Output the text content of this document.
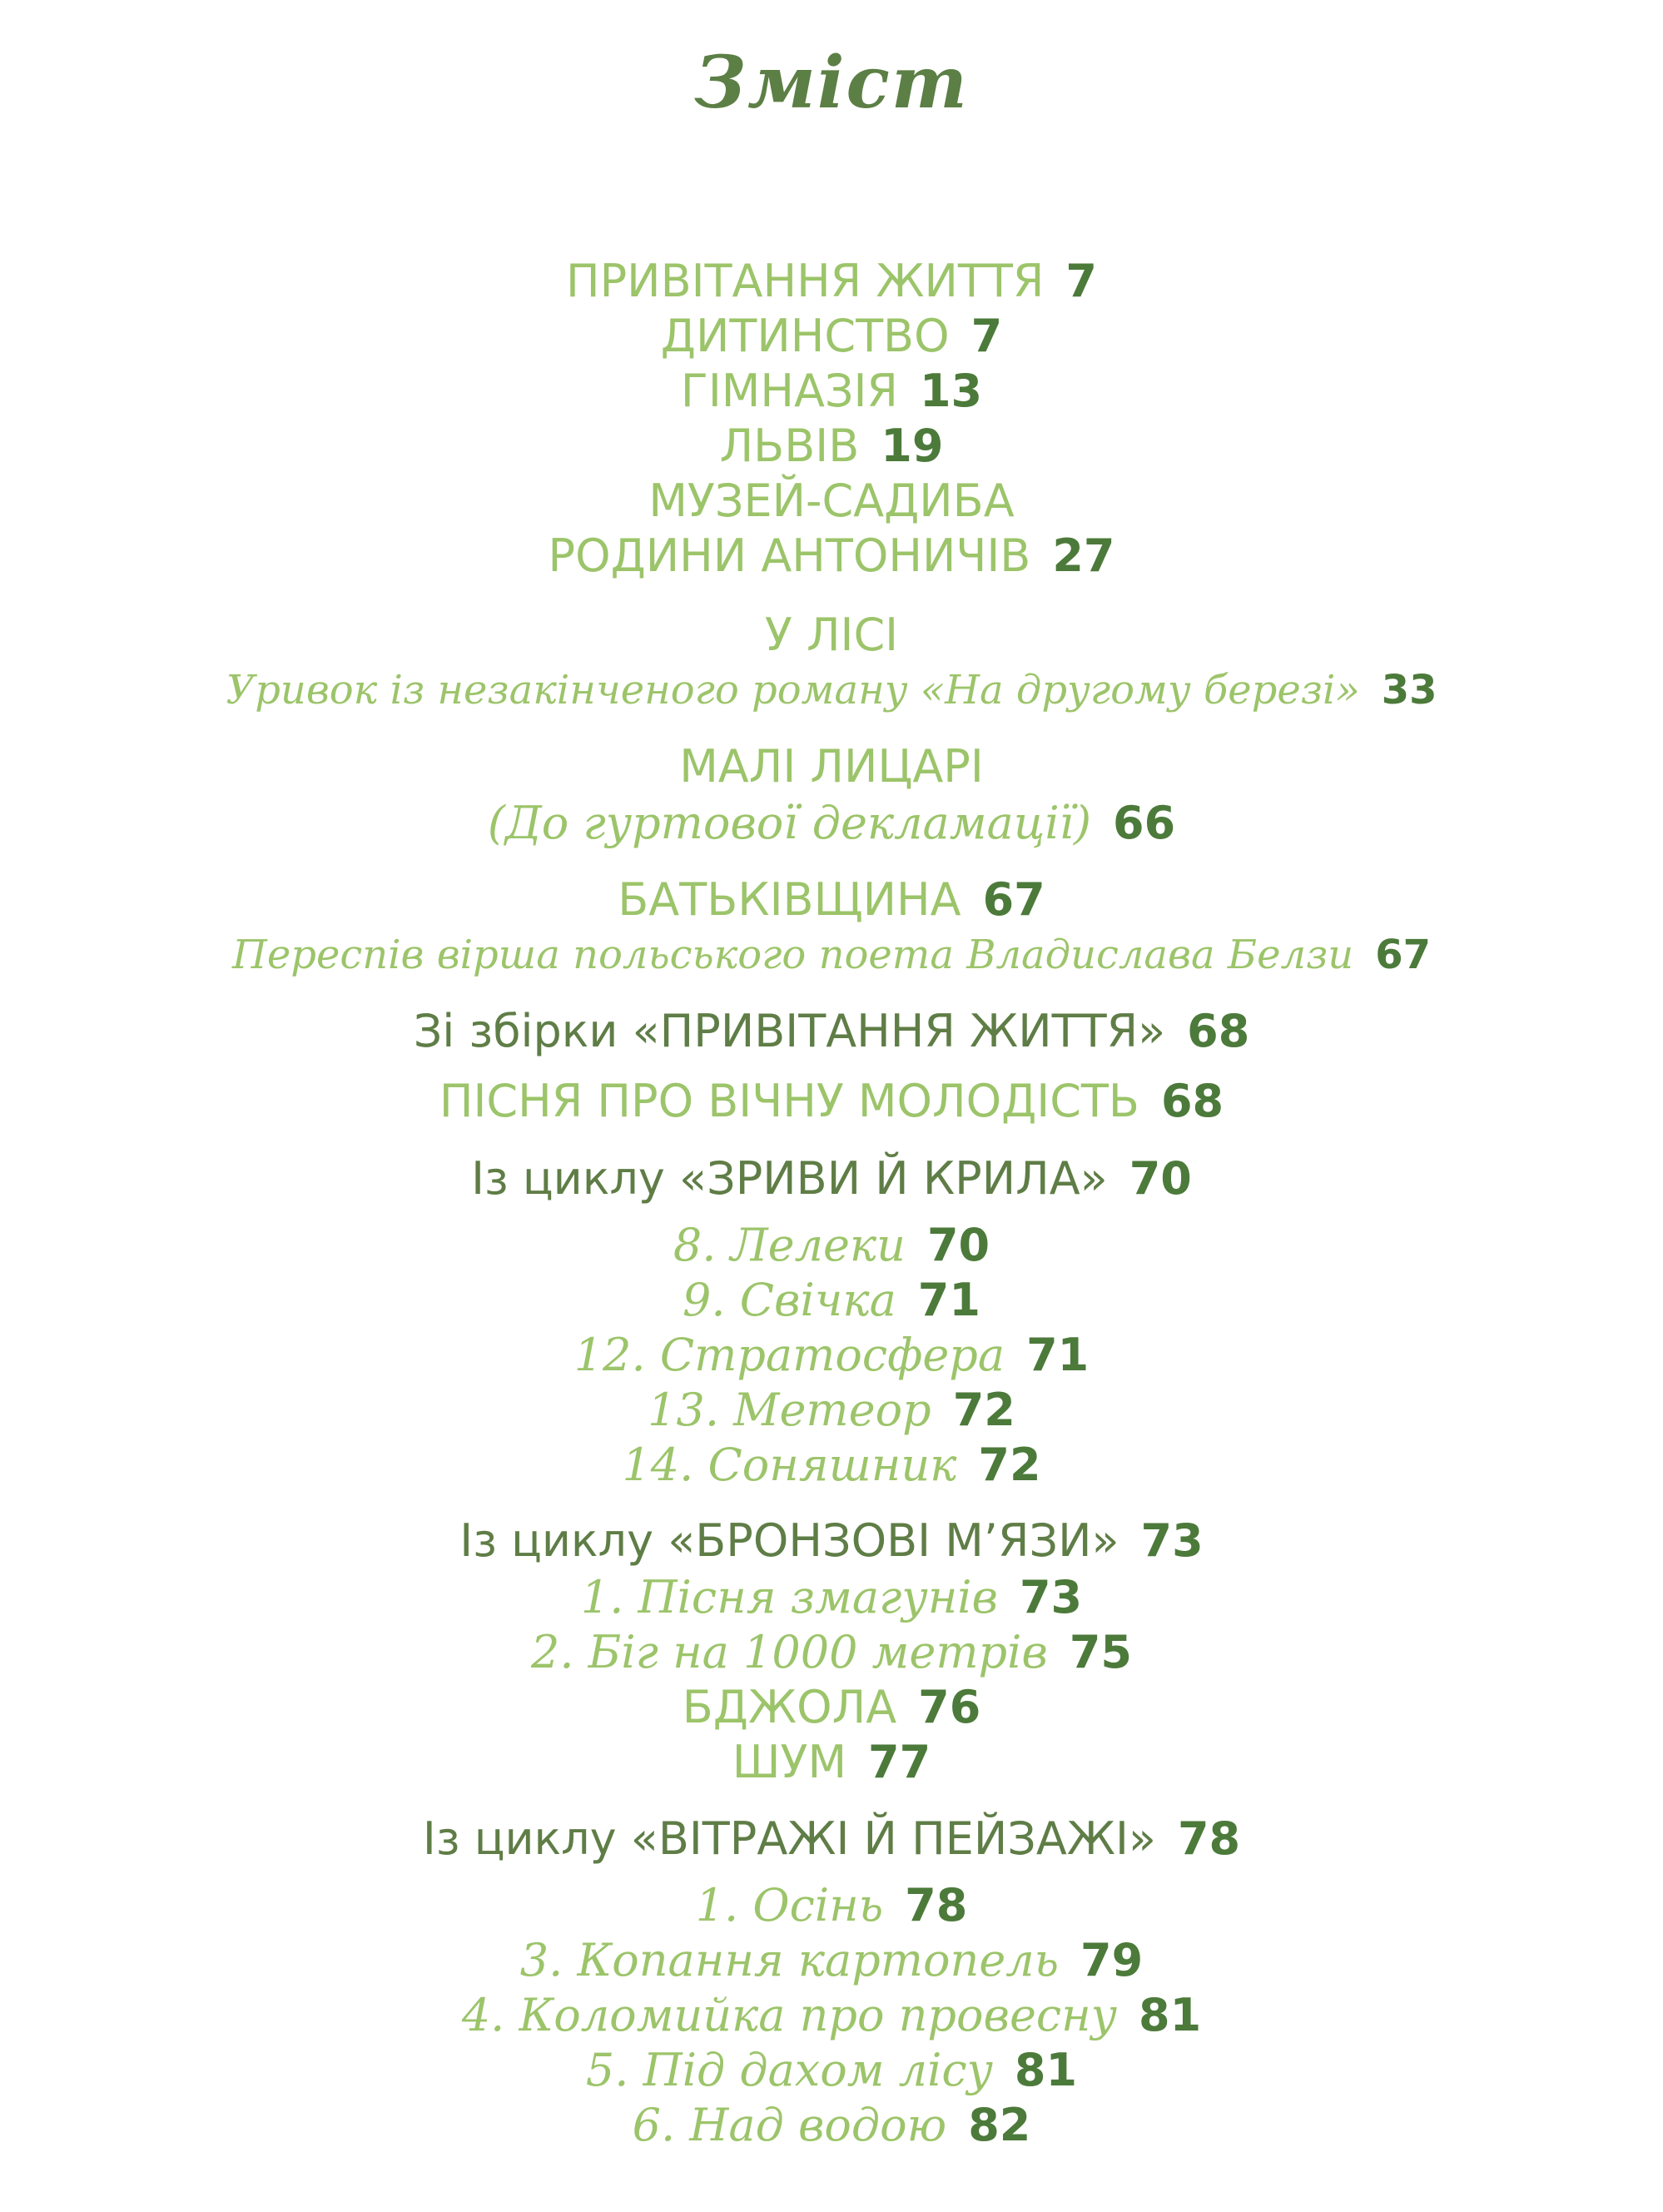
Зміст
ПРИВІТАННЯ ЖИТТЯ 7
ДИТИНСТВО 7
ГІМНАЗІЯ 13
ЛЬВІВ 19
МУЗЕЙ-САДИБА
РОДИНИ АНТОНИЧІВ 27
У ЛІСІ
Уривок із незакінченого роману «На другому березі» 33
МАЛІ ЛИЦАРІ
(До гуртової декламації) 66
БАТЬКІВЩИНА 67
Переспів вірша польського поета Владислава Белзи 67
Зі збірки «ПРИВІТАННЯ ЖИТТЯ» 68
ПІСНЯ ПРО ВІЧНУ МОЛОДІСТЬ 68
Із циклу «ЗРИВИ Й КРИЛА» 70
8. Лелеки 70
9. Свічка 71
12. Стратосфера 71
13. Метеор 72
14. Соняшник 72
Із циклу «БРОНЗОВІ М’ЯЗИ» 73
1. Пісня змагунів 73
2. Біг на 1000 метрів 75
БДЖОЛА 76
ШУМ 77
Із циклу «ВІТРАЖІ Й ПЕЙЗАЖІ» 78
1. Осінь 78
3. Копання картопель 79
4. Коломийка про провесну 81
5. Під дахом лісу 81
6. Над водою 82
